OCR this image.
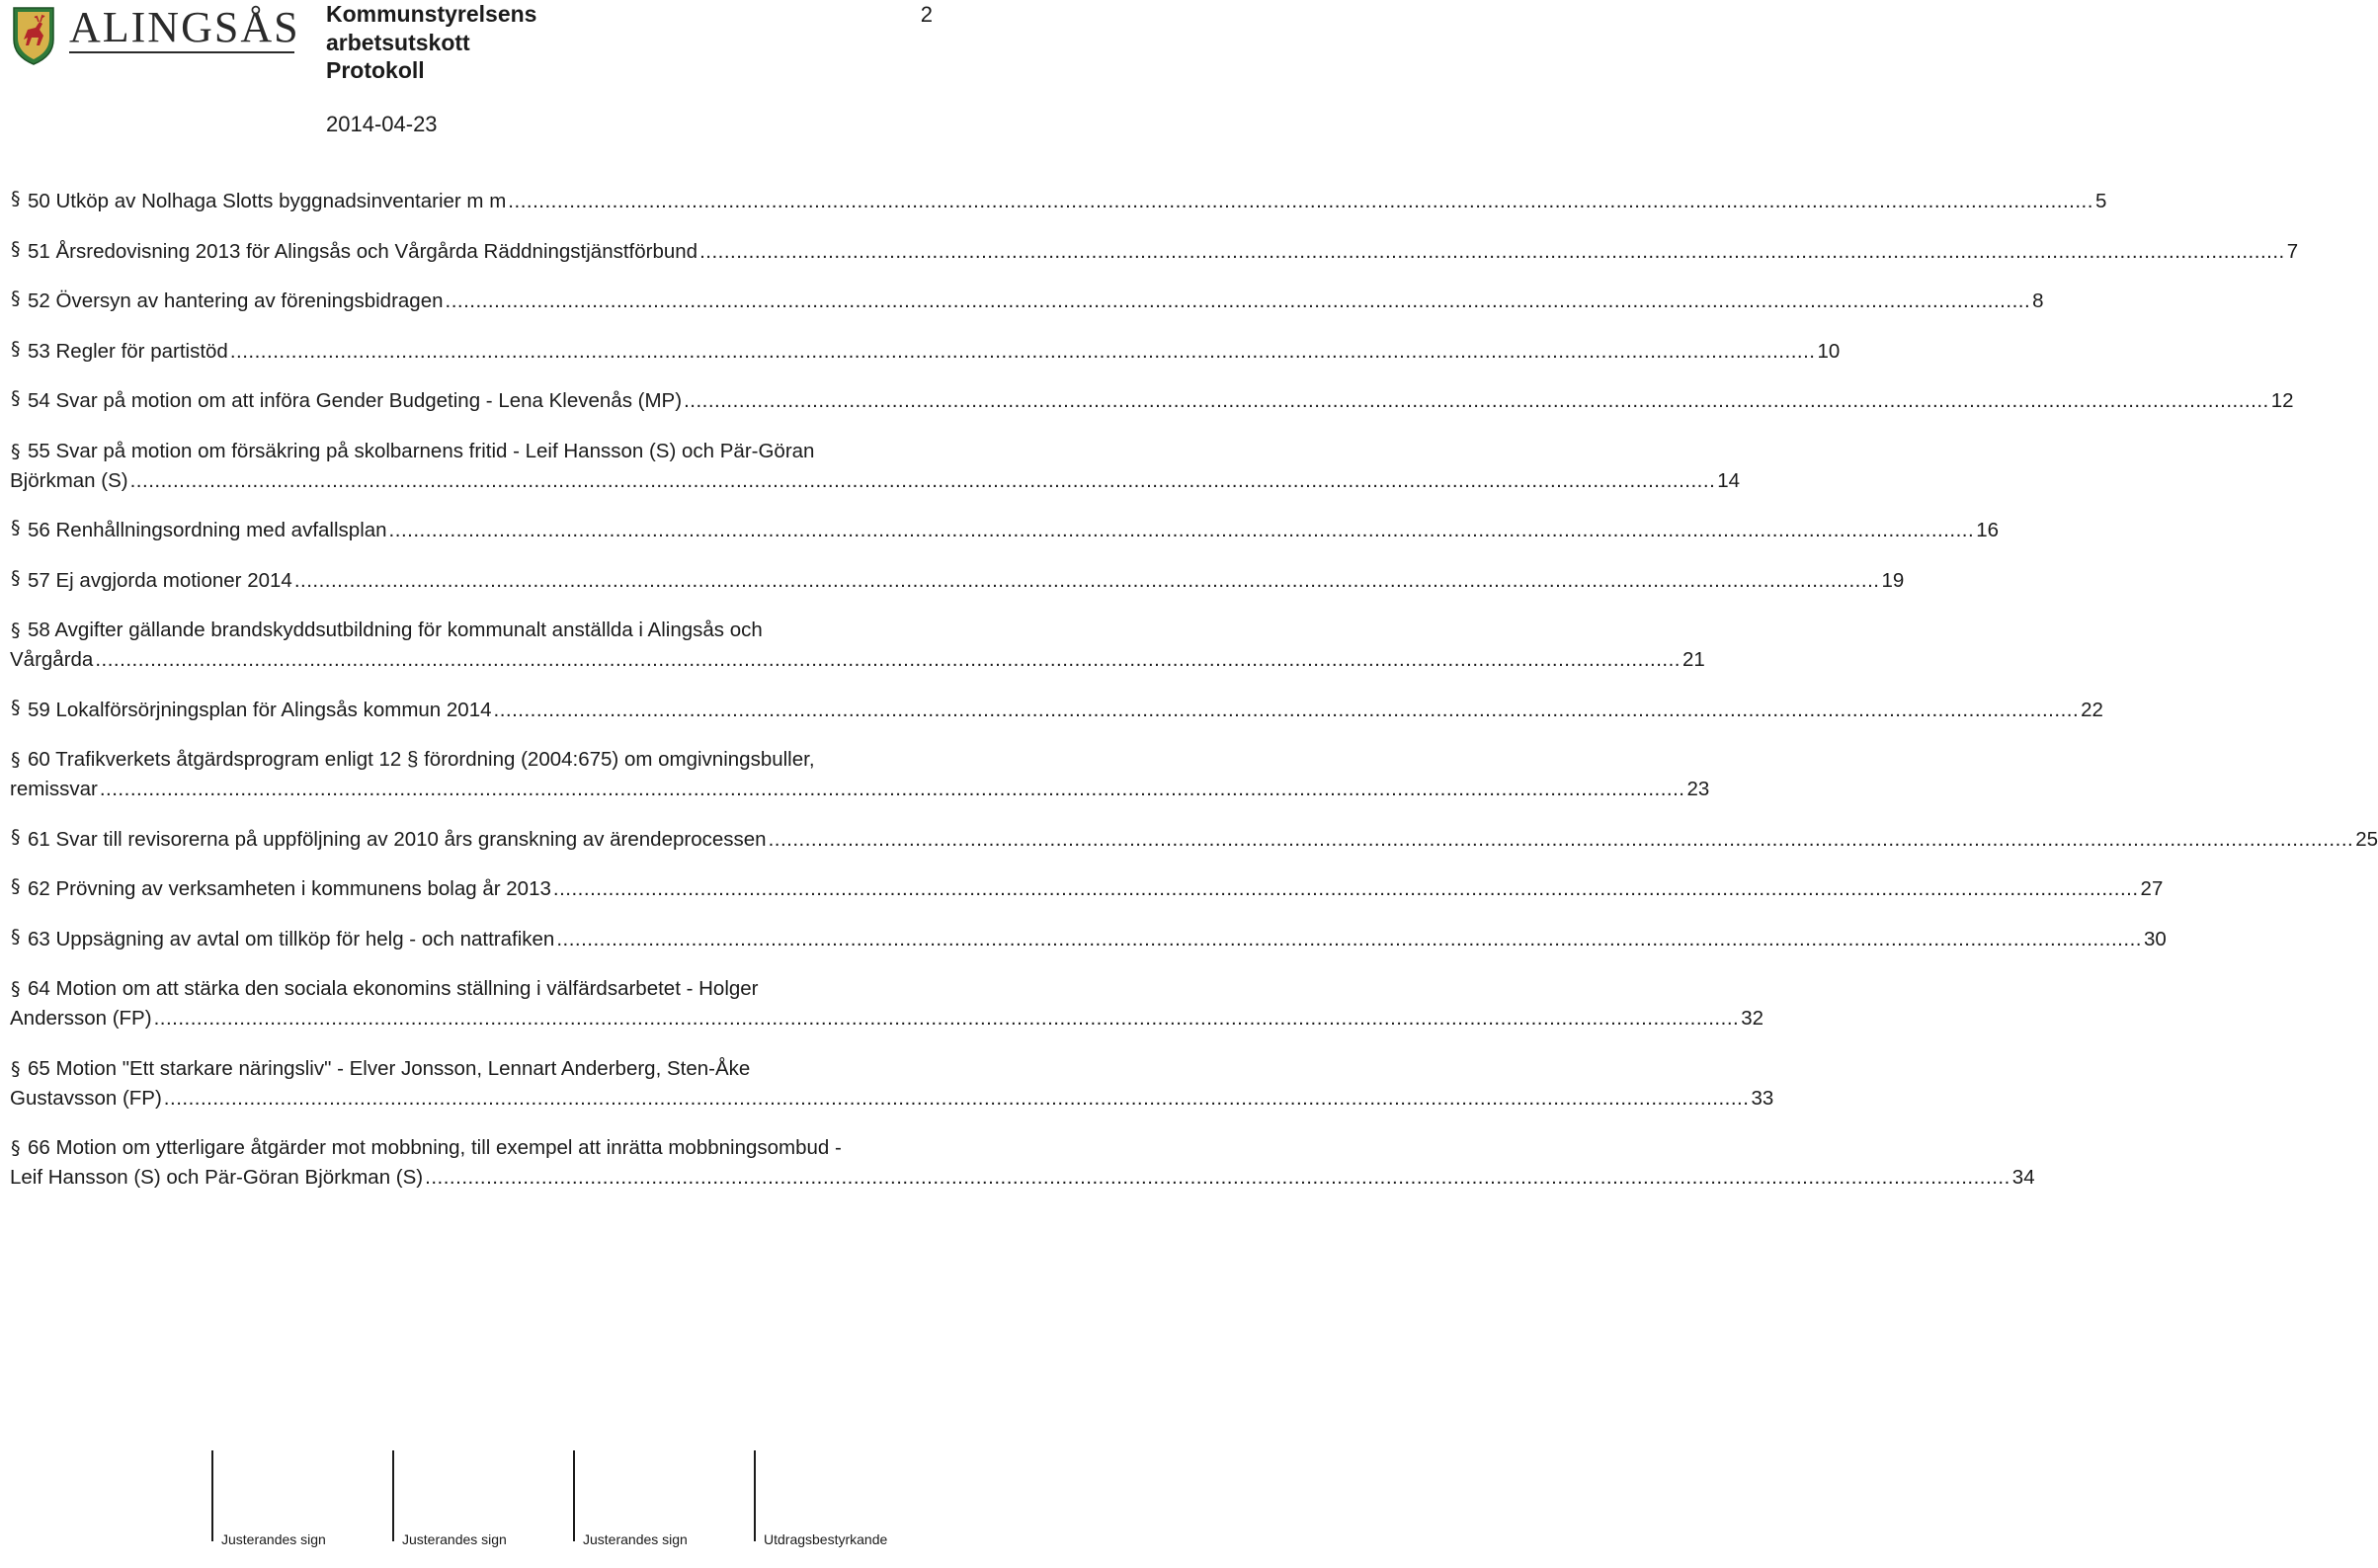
ALINGSÅS Kommunstyrelsens
arbetsutskott
Protokoll
2
2014-04-23
§ 50 Utköp av Nolhaga Slotts byggnadsinventarier m m .....	5
§ 51 Årsredovisning 2013 för Alingsås och Vårgårda Räddningstjänstförbund .....	7
§ 52 Översyn av hantering av föreningsbidragen .....	8
§ 53 Regler för partistöd .....	10
§ 54 Svar på motion om att införa Gender Budgeting - Lena Klevenås (MP) .....	12
§ 55 Svar på motion om försäkring på skolbarnens fritid - Leif Hansson (S) och Pär-Göran
Björkman (S) .....	14
§ 56 Renhållningsordning med avfallsplan .....	16
§ 57 Ej avgjorda motioner 2014 .....	19
§ 58 Avgifter gällande brandskyddsutbildning för kommunalt anställda i Alingsås och
Vårgårda .....	21
§ 59 Lokalförsörjningsplan för Alingsås kommun 2014 .....	22
§ 60 Trafikverkets åtgärdsprogram enligt 12 § förordning (2004:675) om omgivningsbuller,
remissvar .....	23
§ 61 Svar till revisorerna på uppföljning av 2010 års granskning av ärendeprocessen .....	25
§ 62 Prövning av verksamheten i kommunens bolag år 2013 .....	27
§ 63 Uppsägning av avtal om tillköp för helg - och nattrafiken .....	30
§ 64 Motion om att stärka den sociala ekonomins ställning i välfärdsarbetet - Holger
Andersson (FP) .....	32
§ 65 Motion "Ett starkare näringsliv" - Elver Jonsson, Lennart Anderberg, Sten-Åke
Gustavsson (FP) .....	33
§ 66 Motion om ytterligare åtgärder mot mobbning, till exempel att inrätta mobbningsombud -
Leif Hansson (S) och Pär-Göran Björkman (S) .....	34
Justerandes sign	Justerandes sign	Justerandes sign	Utdragsbestyrkande
